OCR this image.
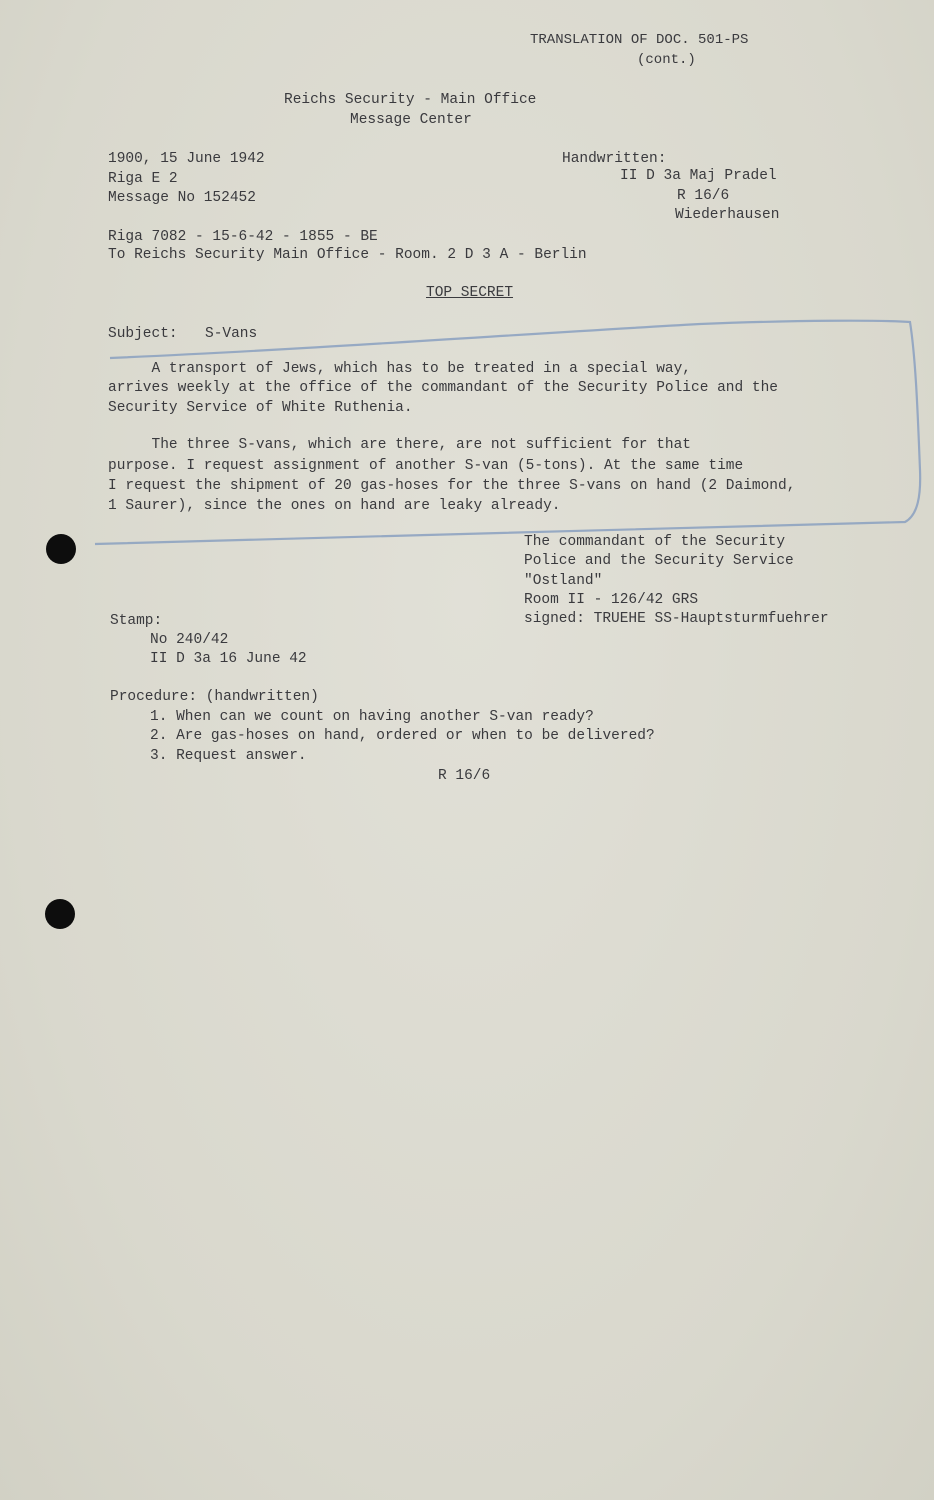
TRANSLATION OF DOC. 501-PS
(cont.)
Reichs Security - Main Office
Message Center
1900, 15 June 1942
Riga E 2
Message No 152452
Handwritten:
II D 3a Maj Pradel
R 16/6
Wiederhausen
Riga 7082 - 15-6-42 - 1855 - BE
To Reichs Security Main Office - Room. 2 D 3 A - Berlin
TOP SECRET
Subject: S-Vans
A transport of Jews, which has to be treated in a special way,
arrives weekly at the office of the commandant of the Security Police and the
Security Service of White Ruthenia.
The three S-vans, which are there, are not sufficient for that
purpose. I request assignment of another S-van (5-tons). At the same time
I request the shipment of 20 gas-hoses for the three S-vans on hand (2 Daimond,
1 Saurer), since the ones on hand are leaky already.
The commandant of the Security
Police and the Security Service
"Ostland"
Room II - 126/42 GRS
signed: TRUEHE SS-Hauptsturmfuehrer
Stamp:
No 240/42
II D 3a 16 June 42
Procedure: (handwritten)
1. When can we count on having another S-van ready?
2. Are gas-hoses on hand, ordered or when to be delivered?
3. Request answer.
R 16/6
